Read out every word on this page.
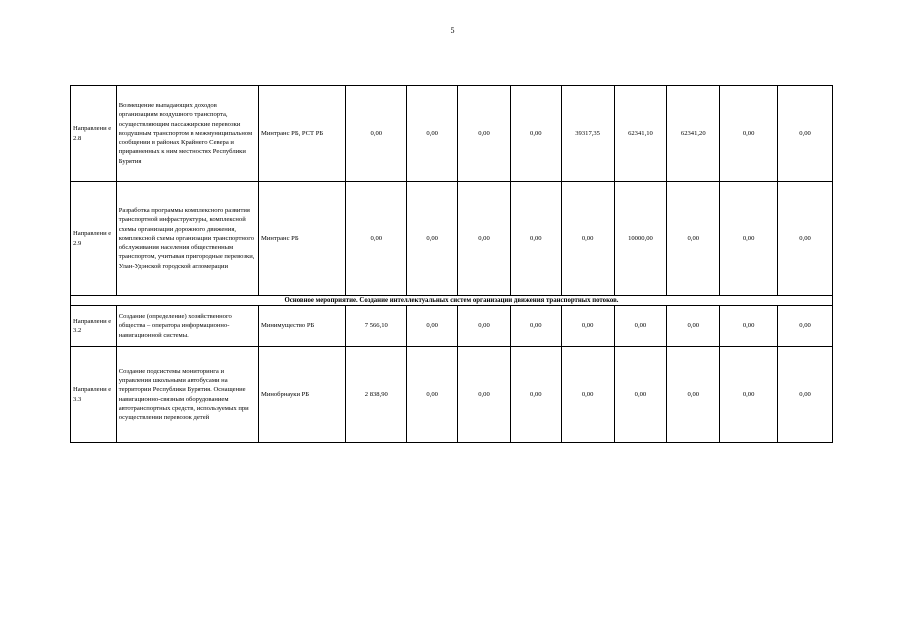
5
Направлени е 2.8	Возмещение выпадающих доходов организациям воздушного транспорта, осуществляющим пассажирские перевозки воздушным транспортом в межмуниципальном сообщении в районах Крайнего Севера и приравненных к ним местностях Республики Бурятия	Минтранс РБ, РСТ РБ	0,00	0,00	0,00	0,00	39317,35	62341,10	62341,20	0,00	0,00
Направлени е 2.9	Разработка программы комплексного развития транспортной инфраструктуры, комплексной схемы организации дорожного движения, комплексной схемы организации транспортного обслуживания населения общественным транспортом, учитывая пригородные перевозки, Улан-Удэнской городской агломерации	Минтранс РБ	0,00	0,00	0,00	0,00	0,00	10000,00	0,00	0,00	0,00
Основное мероприятие. Создание интеллектуальных систем организации движения транспортных потоков.											
Направлени е 3.2	Создание (определение) хозяйственного общества – оператора информационно-навигационной системы.	Минимущество РБ	7 566,10	0,00	0,00	0,00	0,00	0,00	0,00	0,00	0,00
Направлени е 3.3	Создание подсистемы мониторинга и управления школьными автобусами на территории Республики Бурятия. Оснащение навигационно-связным оборудованием автотранспортных средств, используемых при осуществлении перевозок детей	Минобрнауки РБ	2 838,90	0,00	0,00	0,00	0,00	0,00	0,00	0,00	0,00
